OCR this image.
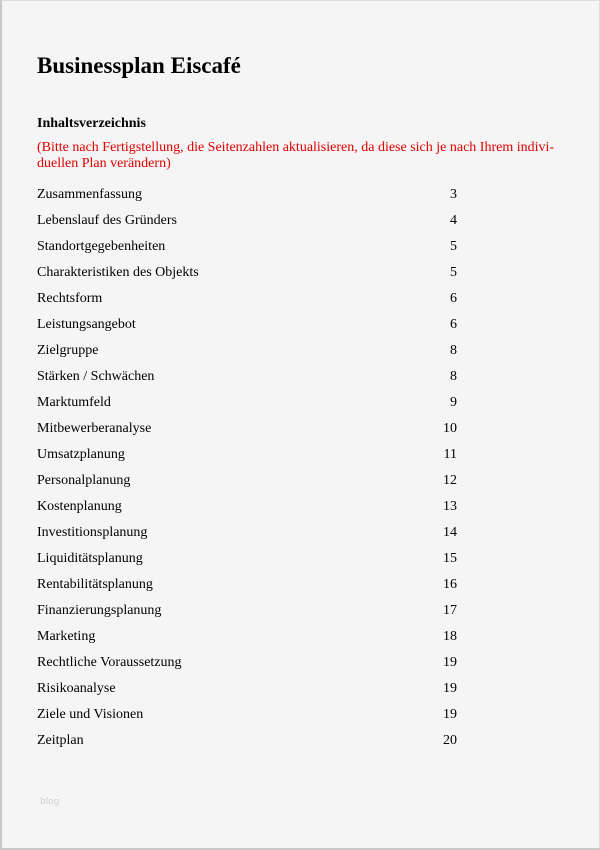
Businessplan Eiscafé
Inhaltsverzeichnis
(Bitte nach Fertigstellung, die Seitenzahlen aktualisieren, da diese sich je nach Ihrem indivi-duellen Plan verändern)
Zusammenfassung	3
Lebenslauf des Gründers	4
Standortgegebenheiten	5
Charakteristiken des Objekts	5
Rechtsform	6
Leistungsangebot	6
Zielgruppe	8
Stärken / Schwächen	8
Marktumfeld	9
Mitbewerberanalyse	10
Umsatzplanung	11
Personalplanung	12
Kostenplanung	13
Investitionsplanung	14
Liquiditätsplanung	15
Rentabilitätsplanung	16
Finanzierungsplanung	17
Marketing	18
Rechtliche Voraussetzung	19
Risikoanalyse	19
Ziele und Visionen	19
Zeitplan	20
blog
